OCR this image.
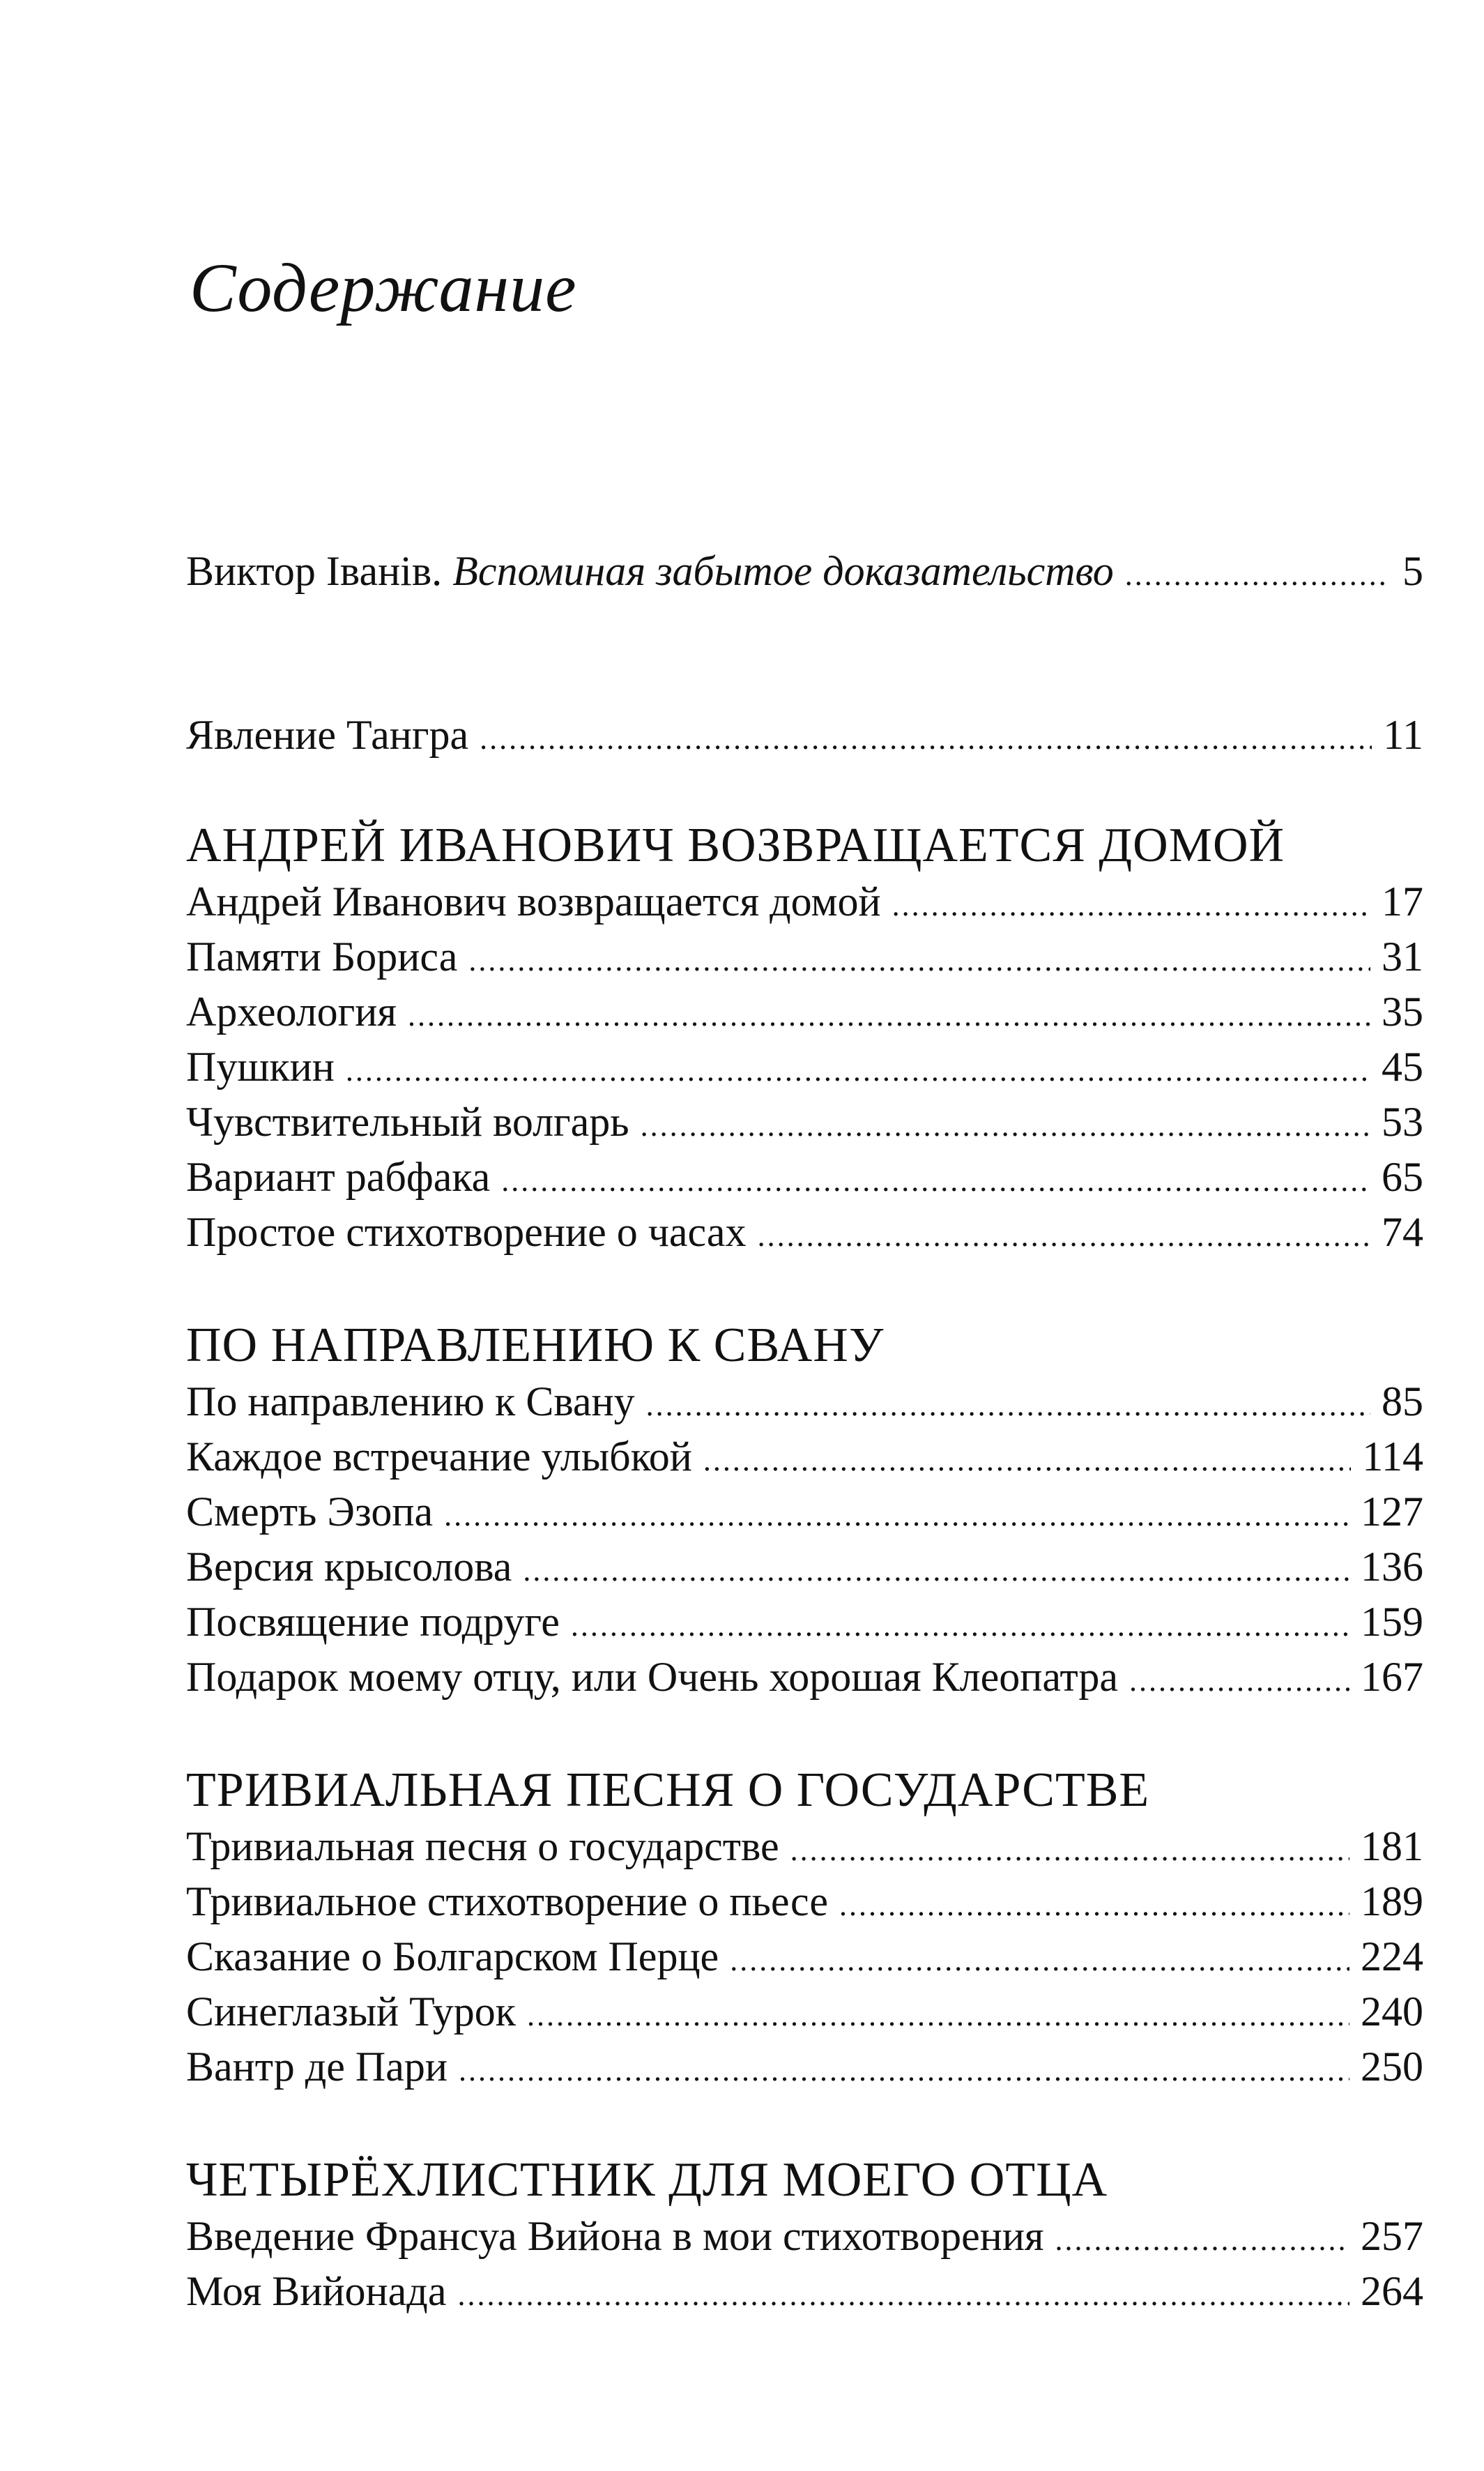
Содержание
Виктор Іванів. Вспоминая забытое доказательство .....	5
Явление Тангра .....	11
АНДРЕЙ ИВАНОВИЧ ВОЗВРАЩАЕТСЯ ДОМОЙ
Андрей Иванович возвращается домой .....	17
Памяти Бориса .....	31
Археология .....	35
Пушкин .....	45
Чувствительный волгарь .....	53
Вариант рабфака .....	65
Простое стихотворение о часах .....	74
ПО НАПРАВЛЕНИЮ К СВАНУ
По направлению к Свану .....	85
Каждое встречание улыбкой .....	114
Смерть Эзопа .....	127
Версия крысолова .....	136
Посвящение подруге .....	159
Подарок моему отцу, или Очень хорошая Клеопатра .....	167
ТРИВИАЛЬНАЯ ПЕСНЯ О ГОСУДАРСТВЕ
Тривиальная песня о государстве .....	181
Тривиальное стихотворение о пьесе .....	189
Сказание о Болгарском Перце .....	224
Синеглазый Турок .....	240
Вантр де Пари .....	250
ЧЕТЫРЁХЛИСТНИК ДЛЯ МОЕГО ОТЦА
Введение Франсуа Вийона в мои стихотворения .....	257
Моя Вийонада .....	264
